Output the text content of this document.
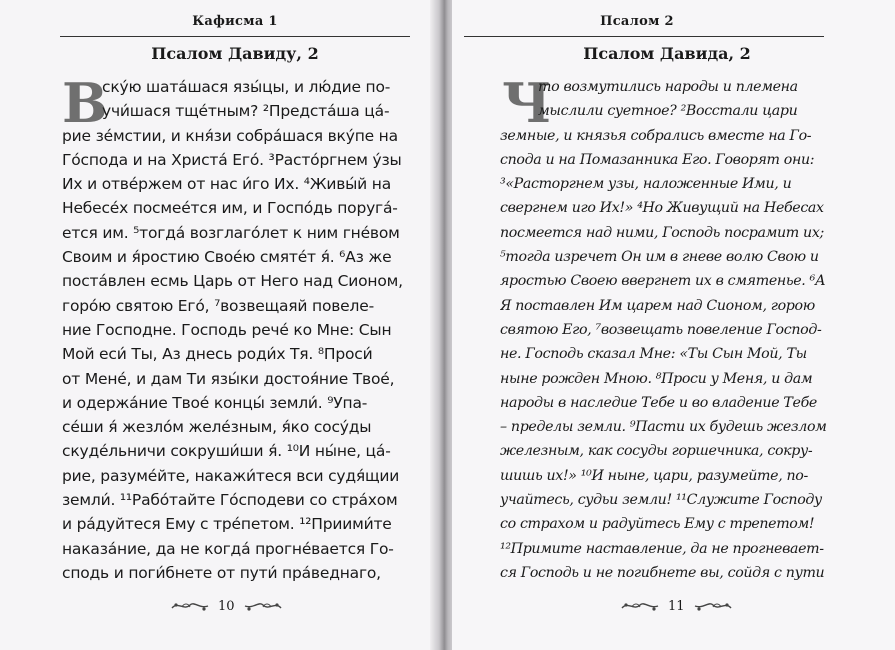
Кафисма 1
Псалом Давиду, 2
В
ску́ю шата́шася язы́цы, и лю́дие по-
учи́шася тще́тным? ²Предста́ша ца́-
рие зе́мстии, и кня́зи собра́шася вку́пе на
Го́спода и на Христа́ Его́. ³Растóргнем у́зы
Их и отве́ржем от нас и́го Их. ⁴Живы́й на
Небесе́х посмеéтся им, и Госпо́дь поруга́-
ется им. ⁵тогда́ возглаго́лет к ним гне́вом
Своим и я́ростию Свое́ю смяте́т я́. ⁶Аз же
поста́влен есмь Царь от Него над Сионом,
горо́ю святою Его́, ⁷возвещаяй повеле-
ние Господне. Господь рече́ ко Мне: Сын
Мой еси́ Ты, Аз днесь роди́х Тя. ⁸Проси́
от Мене́, и дам Ти язы́ки достоя́ние Твое́,
и одержа́ние Твое́ концы́ земли́. ⁹Упа-
се́ши я́ жезло́м желе́зным, я́ко сосу́ды
скуде́льничи сокруши́ши я́. ¹⁰И ны́не, ца́-
рие, разуме́йте, накажи́теся вси судя́щии
земли́. ¹¹Рабо́тайте Го́сподеви со стра́хом
и ра́дуйтеся Ему с тре́петом. ¹²Приими́те
наказа́ние, да не когда́ прогне́вается Го-
сподь и поги́бнете от пути́ пра́веднаго,
10
Псалом 2
Псалом Давида, 2
Ч
то возмутились народы и племена
мыслили суетное? ²Восстали цари
земные, и князья собрались вместе на Го-
спода и на Помазанника Его. Говорят они:
³«Расторгнем узы, наложенные Ими, и
свергнем иго Их!» ⁴Но Живущий на Небесах
посмеется над ними, Господь посрамит их;
⁵тогда изречет Он им в гневе волю Свою и
яростью Своею ввергнет их в смятенье. ⁶А
Я поставлен Им царем над Сионом, горою
святою Его, ⁷возвещать повеление Господ-
не. Господь сказал Мне: «Ты Сын Мой, Ты
ныне рожден Мною. ⁸Проси у Меня, и дам
народы в наследие Тебе и во владение Тебе
– пределы земли. ⁹Пасти их будешь жезлом
железным, как сосуды горшечника, сокру-
шишь их!» ¹⁰И ныне, цари, разумейте, по-
учайтесь, судьи земли! ¹¹Служите Господу
со страхом и радуйтесь Ему с трепетом!
¹²Примите наставление, да не прогневает-
ся Господь и не погибнете вы, сойдя с пути
11
